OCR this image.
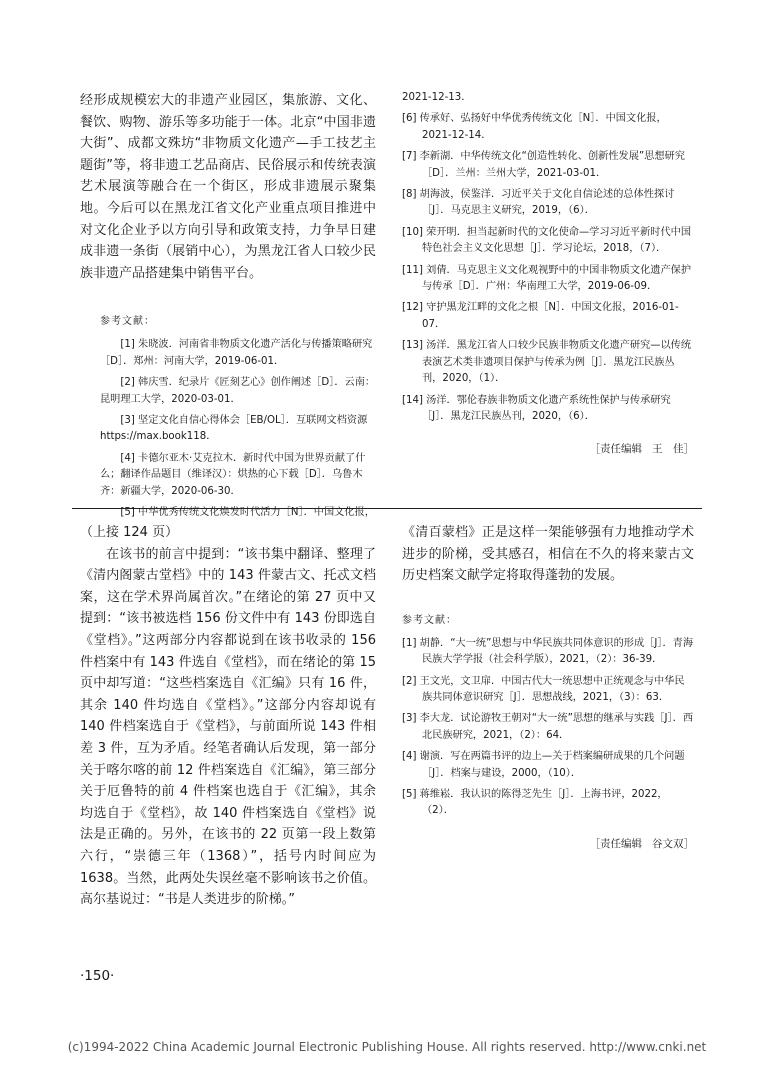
经形成规模宏大的非遗产业园区，集旅游、文化、餐饮、购物、游乐等多功能于一体。北京“中国非遗大街”、成都文殊坊“非物质文化遗产—手工技艺主题街”等，将非遗工艺品商店、民俗展示和传统表演艺术展演等融合在一个街区，形成非遗展示聚集地。今后可以在黑龙江省文化产业重点项目推进中对文化企业予以方向引导和政策支持，力争早日建成非遗一条街（展销中心），为黑龙江省人口较少民族非遗产品搭建集中销售平台。

参考文献：

[1] 朱晓波．河南省非物质文化遗产活化与传播策略研究［D］．郑州：河南大学，2019-06-01．

[2] 韩庆雪．纪录片《匠刻艺心》创作阐述［D］．云南：昆明理工大学，2020-03-01．

[3] 坚定文化自信心得体会［EB/OL］．互联网文档资源 https://max.book118．

[4] 卡德尔亚木·艾克拉木．新时代中国为世界贡献了什么；翻译作品题目（维译汉）：烘热的心下载［D］．乌鲁木齐：新疆大学，2020-06-30．

[5] 中华优秀传统文化焕发时代活力［N］．中国文化报，

2021-12-13．

[6] 传承好、弘扬好中华优秀传统文化［N］．中国文化报，2021-12-14．

[7] 李新湖．中华传统文化“创造性转化、创新性发展”思想研究［D］．兰州：兰州大学，2021-03-01．

[8] 胡海波，侯鉴洋．习近平关于文化自信论述的总体性探讨［J］．马克思主义研究，2019，（6）．

[10] 荣开明．担当起新时代的文化使命—学习习近平新时代中国特色社会主义文化思想［J］．学习论坛，2018，（7）．

[11] 刘倩．马克思主义文化观视野中的中国非物质文化遗产保护与传承［D］．广州：华南理工大学，2019-06-09．

[12] 守护黑龙江畔的文化之根［N］．中国文化报，2016-01-07．

[13] 汤洋．黑龙江省人口较少民族非物质文化遗产研究—以传统表演艺术类非遗项目保护与传承为例［J］．黑龙江民族丛刊，2020，（1）．

[14] 汤洋．鄂伦春族非物质文化遗产系统性保护与传承研究［J］．黑龙江民族丛刊，2020，（6）．

［责任编辑 王　佳］

（上接 124 页）

在该书的前言中提到：“该书集中翻译、整理了《清内阁蒙古堂档》中的 143 件蒙古文、托忒文档案，这在学术界尚属首次。”在绪论的第 27 页中又提到：“该书被选档 156 份文件中有 143 份即选自《堂档》。”这两部分内容都说到在该书收录的 156 件档案中有 143 件选自《堂档》，而在绪论的第 15 页中却写道：“这些档案选自《汇编》只有 16 件，其余 140 件均选自《堂档》。”这部分内容却说有 140 件档案选自于《堂档》，与前面所说 143 件相差 3 件，互为矛盾。经笔者确认后发现，第一部分关于喀尔喀的前 12 件档案选自《汇编》，第三部分关于厄鲁特的前 4 件档案也选自于《汇编》，其余均选自于《堂档》，故 140 件档案选自《堂档》说法是正确的。另外，在该书的 22 页第一段上数第六行，“崇德三年（1368）”，括号内时间应为 1638。当然，此两处失误丝毫不影响该书之价值。高尔基说过：“书是人类进步的阶梯。”

《清百蒙档》正是这样一架能够强有力地推动学术进步的阶梯，受其感召，相信在不久的将来蒙古文历史档案文献学定将取得蓬勃的发展。

参考文献：

[1] 胡静．“大一统”思想与中华民族共同体意识的形成［J］．青海民族大学学报（社会科学版），2021，（2）：36-39．

[2] 王文光，文卫扉．中国古代大一统思想中正统观念与中华民族共同体意识研究［J］．思想战线，2021，（3）：63．

[3] 李大龙．试论游牧王朝对“大一统”思想的继承与实践［J］．西北民族研究，2021，（2）：64．

[4] 谢演．写在两篇书评的边上—关于档案编研成果的几个问题［J］．档案与建设，2000，（10）．

[5] 蒋维崧．我认识的陈得芝先生［J］．上海书评，2022，（2）．

［责任编辑 谷文双］

·150·
(c)1994-2022 China Academic Journal Electronic Publishing House. All rights reserved. http://www.cnki.net
